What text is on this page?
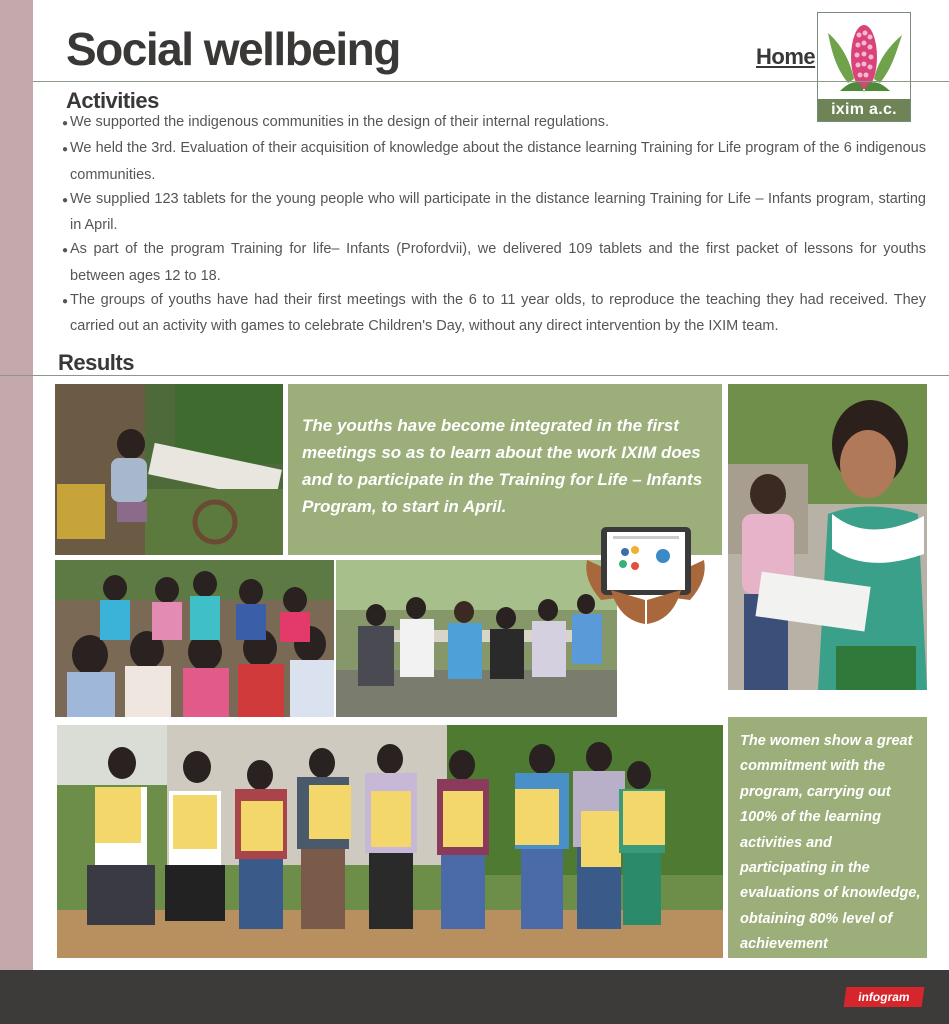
Social wellbeing	Home
ixim a.c.
Activities
● We supported the indigenous communities in the design of their internal regulations.
● We held the 3rd. Evaluation of their acquisition of knowledge about the distance learning Training for Life program of the 6 indigenous communities.
● We supplied 123 tablets for the young people who will participate in the distance learning Training for Life – Infants program, starting in April.
● As part of the program Training for life– Infants (Profordvii), we delivered 109 tablets and the first packet of lessons for youths between ages 12 to 18.
● The groups of youths have had their first meetings with the 6 to 11 year olds, to reproduce the teaching they had received. They carried out an activity with games to celebrate Children's Day, without any direct intervention by the IXIM team.
Results
The youths have become integrated in the first meetings so as to learn about the work IXIM does and to participate in the Training for Life – Infants Program, to start in April.
The women show a great commitment with the program, carrying out 100% of the learning activities and participating in the evaluations of knowledge, obtaining 80% level of achievement
infogram
